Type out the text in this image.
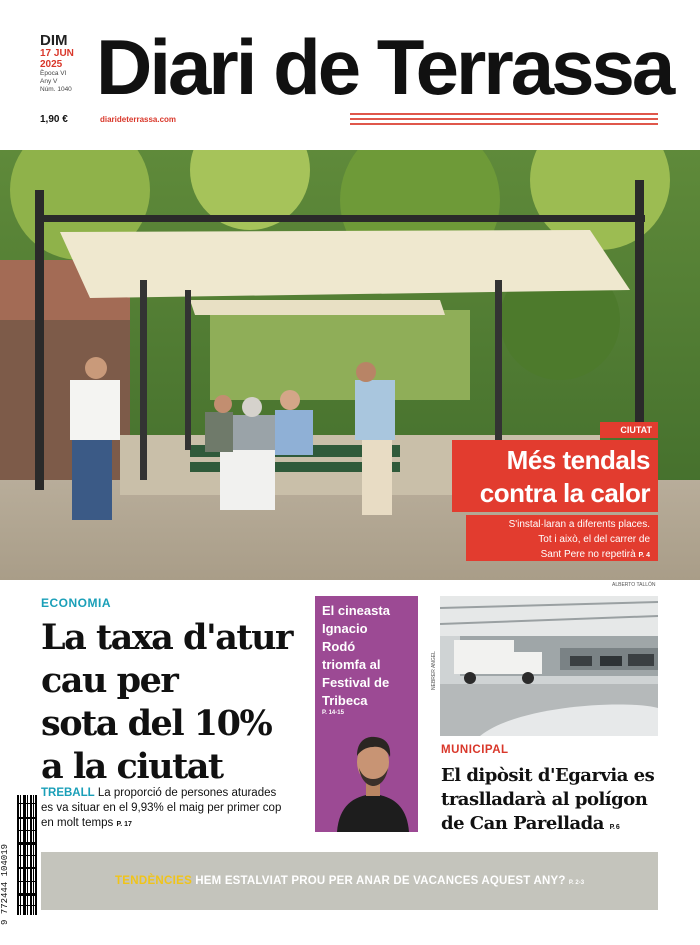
DIM
17 JUN
2025
Època VI
Any V
Núm. 1040
1,90 €
Diari de Terrassa
diarideterrassa.com
ALBERTO TALLÓN
CIUTAT
Més tendals
contra la calor
S'instal·laran a diferents places.
Tot i això, el del carrer de
Sant Pere no repetirà P. 4
ECONOMIA
La taxa d'atur
cau per
sota del 10%
a la ciutat
TREBALL La proporció de persones aturades es va situar en el 9,93% el maig per primer cop en molt temps P. 17
El cineasta
Ignacio
Rodó
triomfa al
Festival de
Tribeca
P. 14-15
NEBRER ANGEL
MUNICIPAL
El dipòsit d'Egarvia es
traslladarà al polígon
de Can Parellada P. 6
TENDÈNCIES HEM ESTALVIAT PROU PER ANAR DE VACANCES AQUEST ANY? P. 2-3
9 772444 104019
